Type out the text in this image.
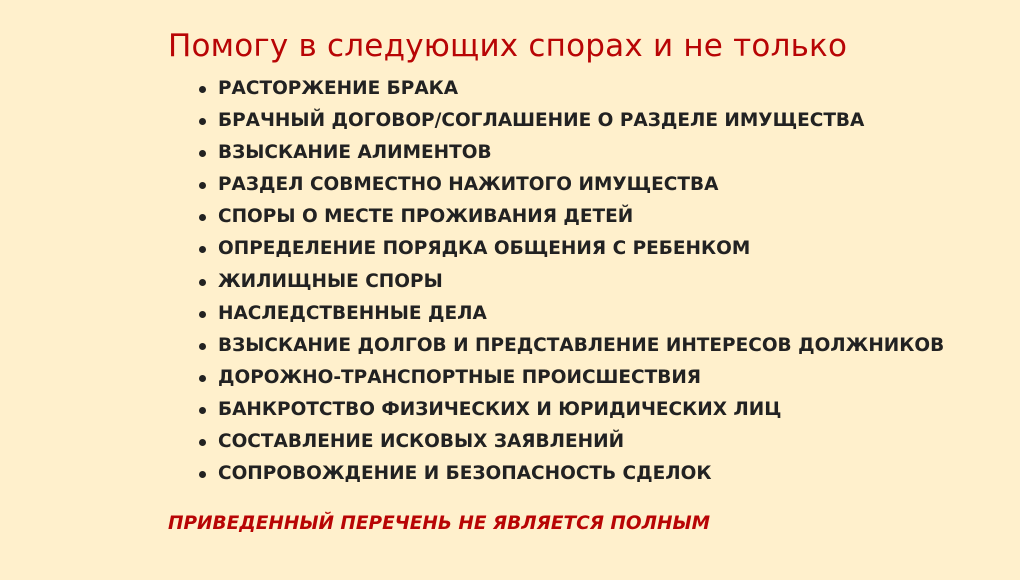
Помогу в следующих спорах и не только
РАСТОРЖЕНИЕ БРАКА
БРАЧНЫЙ ДОГОВОР/СОГЛАШЕНИЕ О РАЗДЕЛЕ ИМУЩЕСТВА
ВЗЫСКАНИЕ АЛИМЕНТОВ
РАЗДЕЛ СОВМЕСТНО НАЖИТОГО ИМУЩЕСТВА
СПОРЫ О МЕСТЕ ПРОЖИВАНИЯ ДЕТЕЙ
ОПРЕДЕЛЕНИЕ ПОРЯДКА ОБЩЕНИЯ С РЕБЕНКОМ
ЖИЛИЩНЫЕ СПОРЫ
НАСЛЕДСТВЕННЫЕ ДЕЛА
ВЗЫСКАНИЕ ДОЛГОВ И ПРЕДСТАВЛЕНИЕ ИНТЕРЕСОВ ДОЛЖНИКОВ
ДОРОЖНО-ТРАНСПОРТНЫЕ ПРОИСШЕСТВИЯ
БАНКРОТСТВО ФИЗИЧЕСКИХ И ЮРИДИЧЕСКИХ ЛИЦ
СОСТАВЛЕНИЕ ИСКОВЫХ ЗАЯВЛЕНИЙ
СОПРОВОЖДЕНИЕ И БЕЗОПАСНОСТЬ СДЕЛОК
ПРИВЕДЕННЫЙ ПЕРЕЧЕНЬ НЕ ЯВЛЯЕТСЯ ПОЛНЫМ
